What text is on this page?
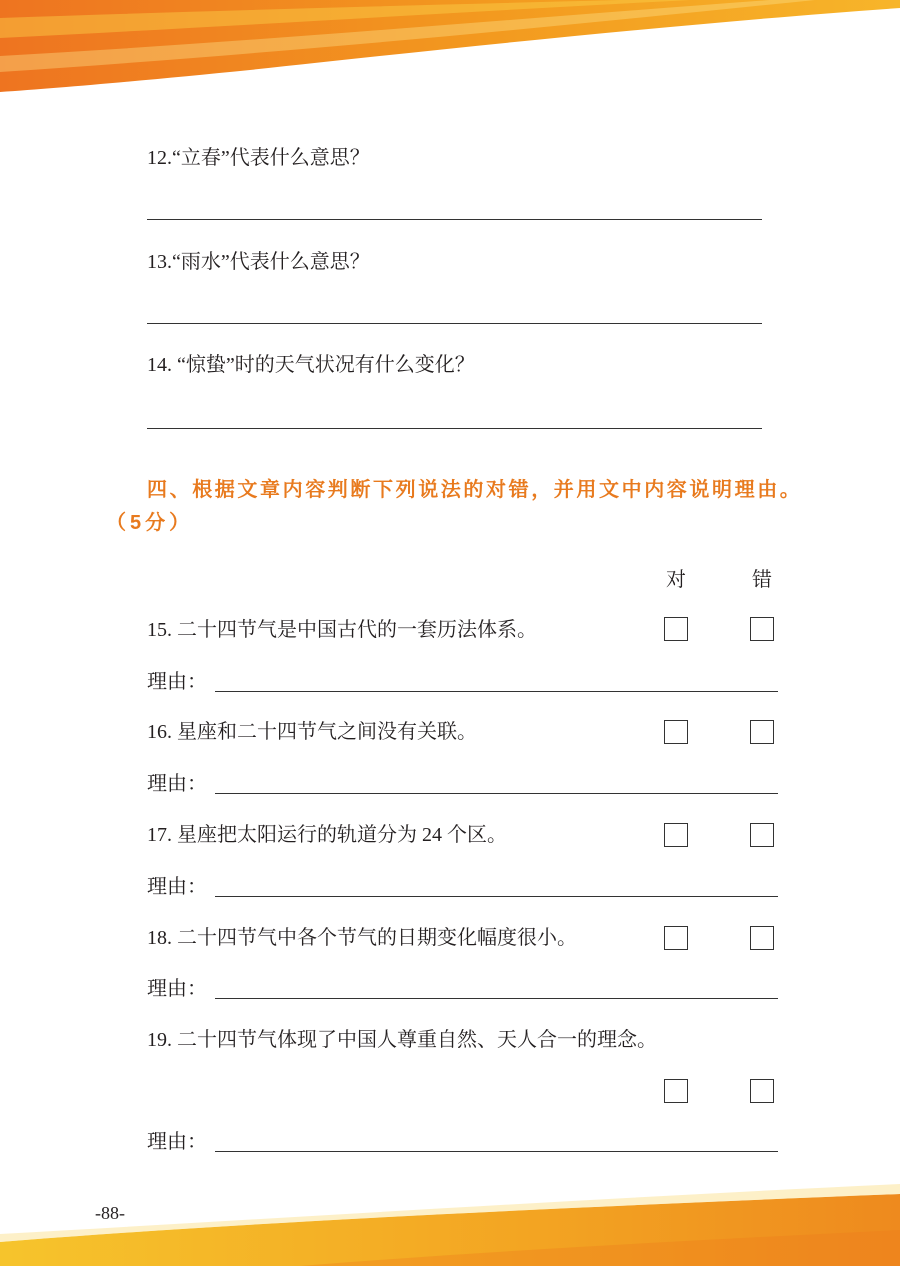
12.“立春”代表什么意思？
13.“雨水”代表什么意思？
14. “惊蛰”时的天气状况有什么变化？
四、根据文章内容判断下列说法的对错，并用文中内容说明理由。
（5分）
对	错
15. 二十四节气是中国古代的一套历法体系。
理由：
16. 星座和二十四节气之间没有关联。
理由：
17. 星座把太阳运行的轨道分为 24 个区。
理由：
18. 二十四节气中各个节气的日期变化幅度很小。
理由：
19. 二十四节气体现了中国人尊重自然、天人合一的理念。
理由：
-88-
